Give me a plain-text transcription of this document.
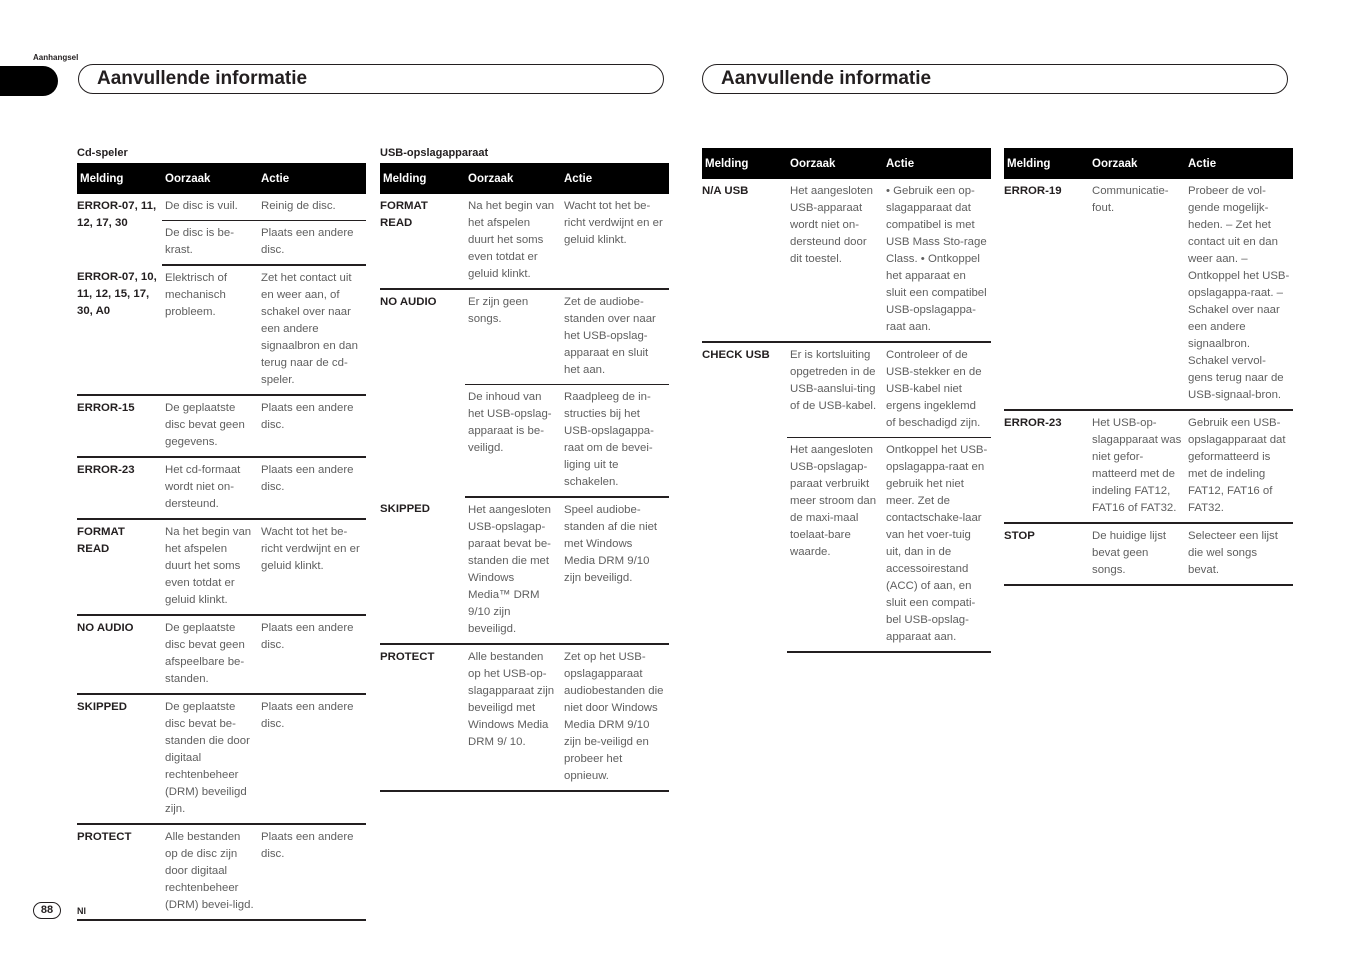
Aanhangsel
Aanvullende informatie	Aanvullende informatie
Cd-speler
Melding	Oorzaak	Actie
ERROR-07, 11, 12, 17, 30	De disc is vuil.	Reinig de disc.
	De disc is be-krast.	Plaats een andere disc.
ERROR-07, 10, 11, 12, 15, 17, 30, A0	Elektrisch of mechanisch probleem.	Zet het contact uit en weer aan, of schakel over naar een andere signaalbron en dan terug naar de cd-speler.
ERROR-15	De geplaatste disc bevat geen gegevens.	Plaats een andere disc.
ERROR-23	Het cd-formaat wordt niet on-dersteund.	Plaats een andere disc.
FORMAT READ	Na het begin van het afspelen duurt het soms even totdat er geluid klinkt.	Wacht tot het be-richt verdwijnt en er geluid klinkt.
NO AUDIO	De geplaatste disc bevat geen afspeelbare be-standen.	Plaats een andere disc.
SKIPPED	De geplaatste disc bevat be-standen die door digitaal rechtenbeheer (DRM) beveiligd zijn.	Plaats een andere disc.
PROTECT	Alle bestanden op de disc zijn door digitaal rechtenbeheer (DRM) bevei-ligd.	Plaats een andere disc.
USB-opslagapparaat
Melding	Oorzaak	Actie
FORMAT READ	Na het begin van het afspelen duurt het soms even totdat er geluid klinkt.	Wacht tot het be-richt verdwijnt en er geluid klinkt.
NO AUDIO	Er zijn geen songs.	Zet de audiobe-standen over naar het USB-opslag-apparaat en sluit het aan.
	De inhoud van het USB-opslag-apparaat is be-veiligd.	Raadpleeg de in-structies bij het USB-opslagappa-raat om de bevei-liging uit te schakelen.
SKIPPED	Het aangesloten USB-opslagap-paraat bevat be-standen die met Windows Media™ DRM 9/10 zijn beveiligd.	Speel audiobe-standen af die niet met Windows Media DRM 9/10 zijn beveiligd.
PROTECT	Alle bestanden op het USB-op-slagapparaat zijn beveiligd met Windows Media DRM 9/ 10.	Zet op het USB-opslagapparaat audiobestanden die niet door Windows Media DRM 9/10 zijn be-veiligd en probeer het opnieuw.
Melding	Oorzaak	Actie
N/A USB	Het aangesloten USB-apparaat wordt niet on-dersteund door dit toestel.	• Gebruik een op-slagapparaat dat compatibel is met USB Mass Sto-rage Class. • Ontkoppel het apparaat en sluit een compatibel USB-opslagappa-raat aan.
CHECK USB	Er is kortsluiting opgetreden in de USB-aanslui-ting of de USB-kabel.	Controleer of de USB-stekker en de USB-kabel niet ergens ingeklemd of beschadigd zijn.
	Het aangesloten USB-opslagap-paraat verbruikt meer stroom dan de maxi-maal toelaat-bare waarde.	Ontkoppel het USB-opslagappa-raat en gebruik het niet meer. Zet de contactschake-laar van het voer-tuig uit, dan in de accessoirestand (ACC) of aan, en sluit een compati-bel USB-opslag-apparaat aan.
Melding	Oorzaak	Actie
ERROR-19	Communicatie-fout.	Probeer de vol-gende mogelijk-heden. – Zet het contact uit en dan weer aan. – Ontkoppel het USB-opslagappa-raat. – Schakel over naar een andere signaalbron. Schakel vervol-gens terug naar de USB-signaal-bron.
ERROR-23	Het USB-op-slagapparaat was niet gefor-matteerd met de indeling FAT12, FAT16 of FAT32.	Gebruik een USB-opslagapparaat dat geformatteerd is met de indeling FAT12, FAT16 of FAT32.
STOP	De huidige lijst bevat geen songs.	Selecteer een lijst die wel songs bevat.
88	Nl
